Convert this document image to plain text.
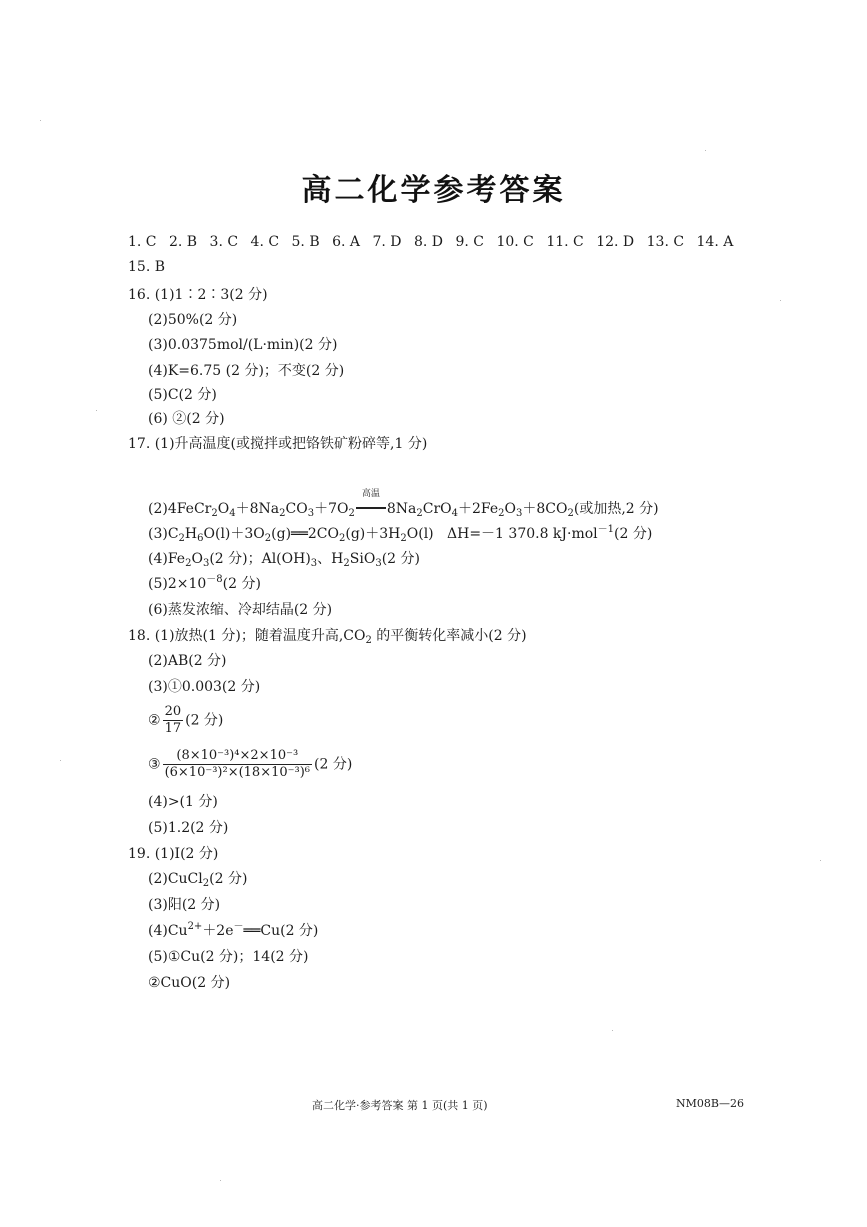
高二化学参考答案
1. C 2. B 3. C 4. C 5. B 6. A 7. D 8. D 9. C 10. C 11. C 12. D 13. C 14. A
15. B
16. (1)1∶2∶3(2 分)
(2)50%(2 分)
(3)0.0375mol/(L·min)(2 分)
(4)K=6.75 (2 分)；不变(2 分)
(5)C(2 分)
(6) ②(2 分)
17. (1)升高温度(或搅拌或把铬铁矿粉碎等,1 分)
$(2)4FeCr_2O_4+8Na_2CO_3+7O_2$
高温
$8Na_2CrO_4+2Fe_2O_3+8CO_2$(或加热,2 分)
$(3)C_2H_6O(l)+3O_2(g)══2CO_2(g)+3H_2O(l)$   ΔH=－1 370.8 kJ·mol$^{-1}$(2 分)
$(4)Fe_2O_3(2$ 分)；$Al(OH)_3$、$H_2SiO_3(2$ 分)
$(5)2\times 10^{-8}(2$ 分)
(6)蒸发浓缩、冷却结晶(2 分)
18. (1)放热(1 分)；随着温度升高$,CO_2$ 的平衡转化率减小(2 分)
(2)AB(2 分)
(3)①0.003(2 分)
② $\frac{20}{17} (2$ 分)
③ $\frac{\text{(8×10⁻³)⁴×2×10⁻³}}{\text{(6×10⁻³)²×(18×10⁻³)⁶}} (2$ 分)
(4)>(1 分)
(5)1.2(2 分)
19. (1)Ⅰ(2 分)
(2)CuCl$_2$(2 分)
(3)阳(2 分)
$(4)Cu^{2+}+2e^-══Cu(2$ 分)
(5)①Cu(2 分)；14(2 分)
②CuO(2 分)
高二化学·参考答案 第 1 页(共 1 页)	NM08B—26
